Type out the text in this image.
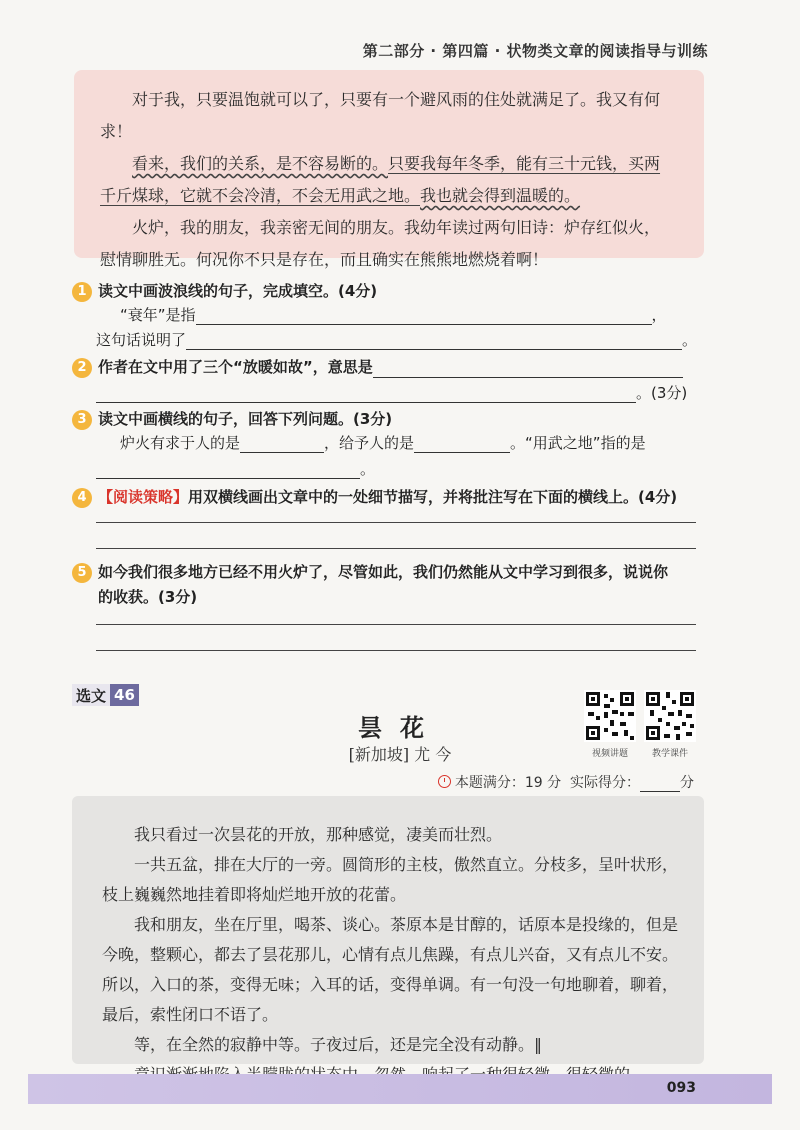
第二部分 · 第四篇 · 状物类文章的阅读指导与训练

对于我，只要温饱就可以了，只要有一个避风雨的住处就满足了。我又有何求！

看来，我们的关系，是不容易断的。只要我每年冬季，能有三十元钱，买两千斤煤球，它就不会冷清，不会无用武之地。我也就会得到温暖的。

火炉，我的朋友，我亲密无间的朋友。我幼年读过两句旧诗：炉存红似火，慰情聊胜无。何况你不只是存在，而且确实在熊熊地燃烧着啊！

1 读文中画波浪线的句子，完成填空。(4分)
“衰年”是指	，
这句话说明了	。
2 作者在文中用了三个“放暖如故”，意思是
。(3分)
3 读文中画横线的句子，回答下列问题。(3分)
炉火有求于人的是	，给予人的是	。“用武之地”指的是
。
4 【阅读策略】用双横线画出文章中的一处细节描写，并将批注写在下面的横线上。(4分)
5 如今我们很多地方已经不用火炉了，尽管如此，我们仍然能从文中学习到很多，说说你
的收获。(3分)
选文 46
昙花
[新加坡] 尤 今	视频讲题	教学课件
本题满分：19 分 实际得分：	分

我只看过一次昙花的开放，那种感觉，凄美而壮烈。

一共五盆，排在大厅的一旁。圆筒形的主枝，傲然直立。分枝多，呈叶状形，枝上巍巍然地挂着即将灿烂地开放的花蕾。

我和朋友，坐在厅里，喝茶、谈心。茶原本是甘醇的，话原本是投缘的，但是今晚，整颗心，都去了昙花那儿，心情有点儿焦躁，有点儿兴奋，又有点儿不安。所以，入口的茶，变得无味；入耳的话，变得单调。有一句没一句地聊着，聊着，最后，索性闭口不语了。

等，在全然的寂静中等。子夜过后，还是完全没有动静。‖

093
